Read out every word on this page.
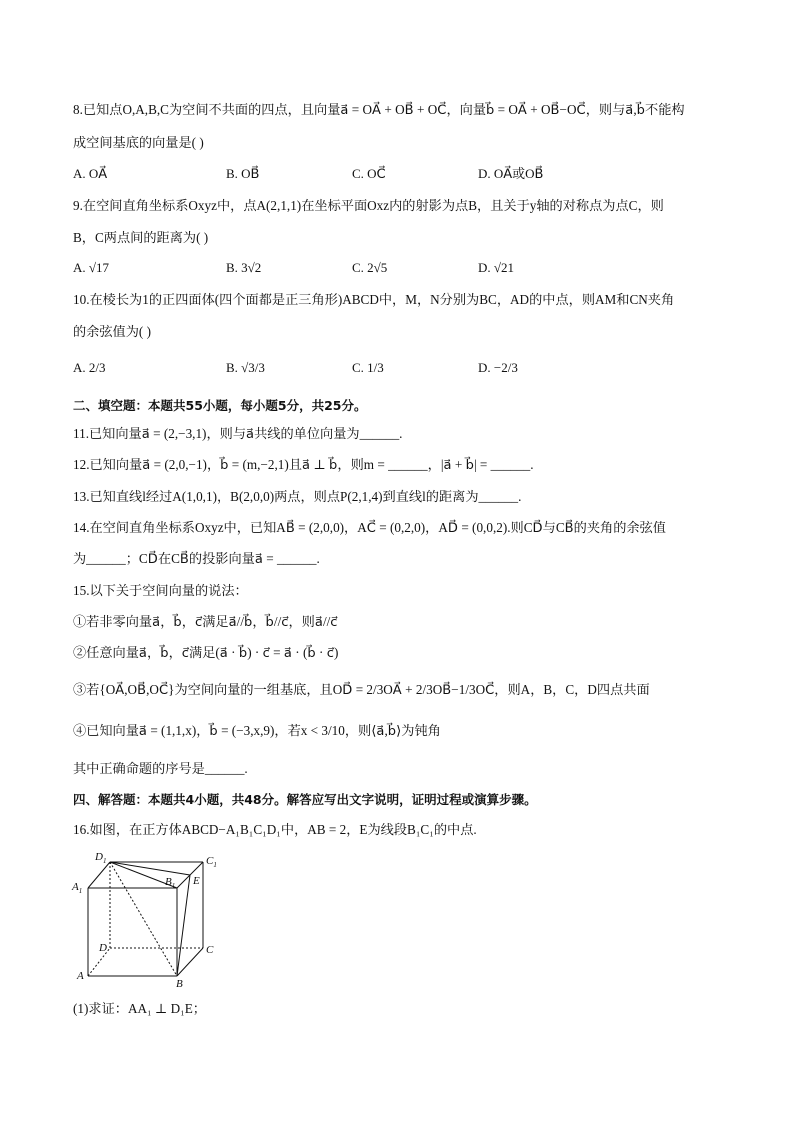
8.已知点O,A,B,C为空间不共面的四点，且向量a⃗ = OA⃗ + OB⃗ + OC⃗，向量b⃗ = OA⃗ + OB⃗−OC⃗，则与a⃗,b⃗不能构
成空间基底的向量是( )
A. OA⃗	B. OB⃗	C. OC⃗	D. OA⃗或OB⃗
9.在空间直角坐标系Oxyz中，点A(2,1,1)在坐标平面Oxz内的射影为点B，且关于y轴的对称点为点C，则
B，C两点间的距离为( )
A. √17	B. 3√2	C. 2√5	D. √21
10.在棱长为1的正四面体(四个面都是正三角形)ABCD中，M，N分别为BC，AD的中点，则AM和CN夹角
的余弦值为( )
A. 2/3	B. √3/3	C. 1/3	D. −2/3
二、填空题：本题共55小题，每小题5分，共25分。
11.已知向量a⃗ = (2,−3,1)，则与a⃗共线的单位向量为______.
12.已知向量a⃗ = (2,0,−1)，b⃗ = (m,−2,1)且a⃗ ⊥ b⃗，则m = ______，|a⃗ + b⃗| = ______.
13.已知直线l经过A(1,0,1)，B(2,0,0)两点，则点P(2,1,4)到直线l的距离为______.
14.在空间直角坐标系Oxyz中，已知AB⃗ = (2,0,0)，AC⃗ = (0,2,0)，AD⃗ = (0,0,2).则CD⃗与CB⃗的夹角的余弦值
为______；CD⃗在CB⃗的投影向量a⃗ = ______.
15.以下关于空间向量的说法：
①若非零向量a⃗，b⃗，c⃗满足a⃗//b⃗，b⃗//c⃗，则a⃗//c⃗
②任意向量a⃗，b⃗，c⃗满足(a⃗ · b⃗) · c⃗ = a⃗ · (b⃗ · c⃗)
③若{OA⃗,OB⃗,OC⃗}为空间向量的一组基底，且OD⃗ = 2/3OA⃗ + 2/3OB⃗−1/3OC⃗，则A，B，C，D四点共面
④已知向量a⃗ = (1,1,x)，b⃗ = (−3,x,9)，若x < 3/10，则⟨a⃗,b⃗⟩为钝角
其中正确命题的序号是______.
四、解答题：本题共4小题，共48分。解答应写出文字说明，证明过程或演算步骤。
16.如图，在正方体ABCD−A₁B₁C₁D₁中，AB = 2，E为线段B₁C₁的中点.
$D_1$
$A_1$
$C_1$
$B_1$ E
D	C
A
B
(1)求证：AA₁ ⊥ D₁E；
